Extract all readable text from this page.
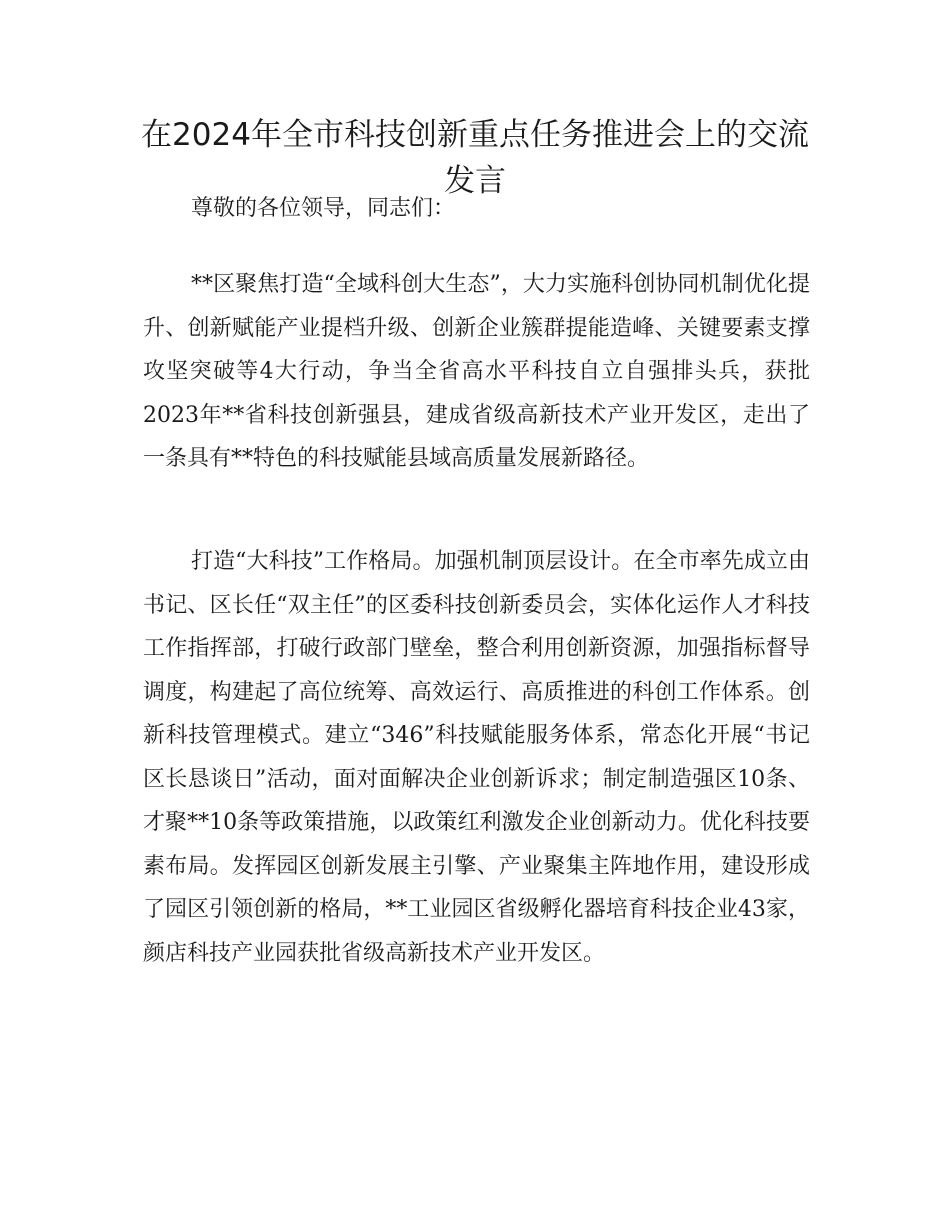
在2024年全市科技创新重点任务推进会上的交流发言

尊敬的各位领导，同志们：

**区聚焦打造“全域科创大生态”，大力实施科创协同机制优化提升、创新赋能产业提档升级、创新企业簇群提能造峰、关键要素支撑攻坚突破等4大行动，争当全省高水平科技自立自强排头兵，获批2023年**省科技创新强县，建成省级高新技术产业开发区，走出了一条具有**特色的科技赋能县域高质量发展新路径。

打造“大科技”工作格局。加强机制顶层设计。在全市率先成立由书记、区长任“双主任”的区委科技创新委员会，实体化运作人才科技工作指挥部，打破行政部门壁垒，整合利用创新资源，加强指标督导调度，构建起了高位统筹、高效运行、高质推进的科创工作体系。创新科技管理模式。建立“346”科技赋能服务体系，常态化开展“书记区长恳谈日”活动，面对面解决企业创新诉求；制定制造强区10条、才聚**10条等政策措施，以政策红利激发企业创新动力。优化科技要素布局。发挥园区创新发展主引擎、产业聚集主阵地作用，建设形成了园区引领创新的格局，**工业园区省级孵化器培育科技企业43家，颜店科技产业园获批省级高新技术产业开发区。
